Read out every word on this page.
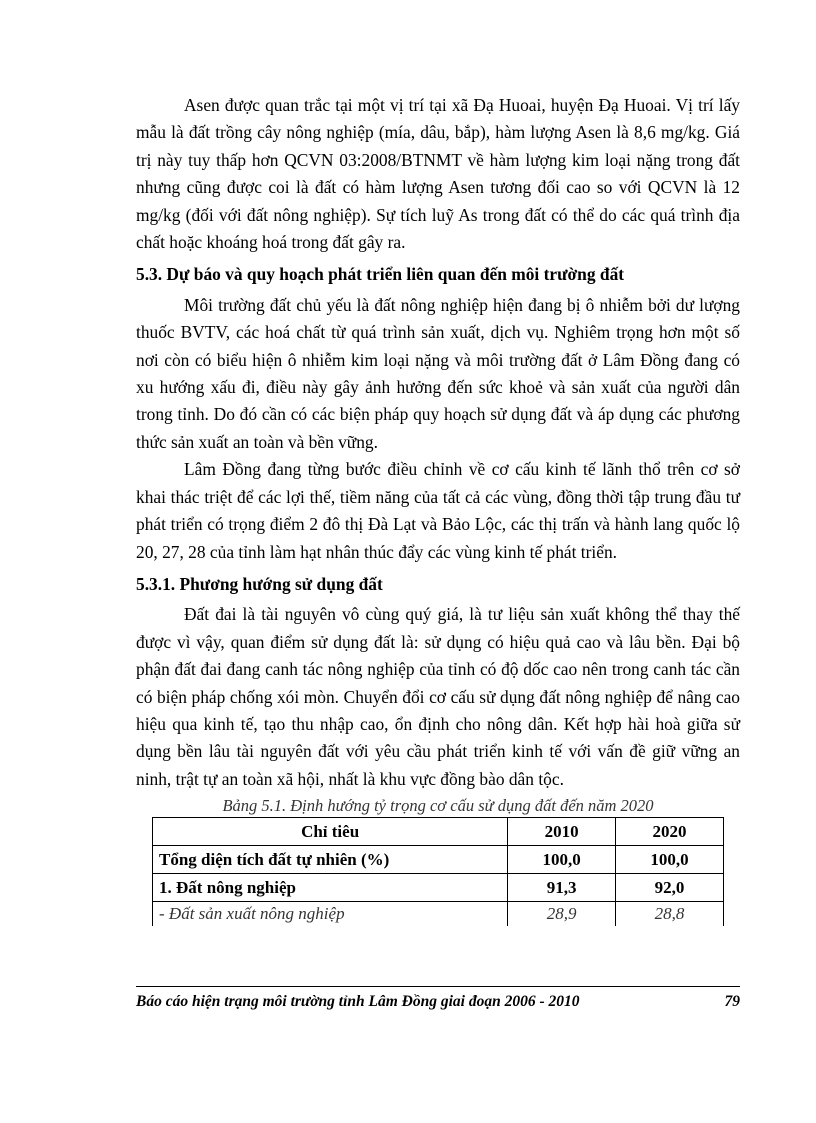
Asen được quan trắc tại một vị trí tại xã Đạ Huoai, huyện Đạ Huoai. Vị trí lấy mẫu là đất trồng cây nông nghiệp (mía, dâu, bắp), hàm lượng Asen là 8,6 mg/kg. Giá trị này tuy thấp hơn QCVN 03:2008/BTNMT về hàm lượng kim loại nặng trong đất nhưng cũng được coi là đất có hàm lượng Asen tương đối cao so với QCVN là 12 mg/kg (đối với đất nông nghiệp). Sự tích luỹ As trong đất có thể do các quá trình địa chất hoặc khoáng hoá trong đất gây ra.

5.3. Dự báo và quy hoạch phát triển liên quan đến môi trường đất

Môi trường đất chủ yếu là đất nông nghiệp hiện đang bị ô nhiễm bởi dư lượng thuốc BVTV, các hoá chất từ quá trình sản xuất, dịch vụ. Nghiêm trọng hơn một số nơi còn có biểu hiện ô nhiễm kim loại nặng và môi trường đất ở Lâm Đồng đang có xu hướng xấu đi, điều này gây ảnh hưởng đến sức khoẻ và sản xuất của người dân trong tỉnh. Do đó cần có các biện pháp quy hoạch sử dụng đất và áp dụng các phương thức sản xuất an toàn và bền vững.

Lâm Đồng đang từng bước điều chỉnh về cơ cấu kinh tế lãnh thổ trên cơ sở khai thác triệt để các lợi thế, tiềm năng của tất cả các vùng, đồng thời tập trung đầu tư phát triển có trọng điểm 2 đô thị Đà Lạt và Bảo Lộc, các thị trấn và hành lang quốc lộ 20, 27, 28 của tỉnh làm hạt nhân thúc đẩy các vùng kinh tế phát triển.

5.3.1. Phương hướng sử dụng đất

Đất đai là tài nguyên vô cùng quý giá, là tư liệu sản xuất không thể thay thế được vì vậy, quan điểm sử dụng đất là: sử dụng có hiệu quả cao và lâu bền. Đại bộ phận đất đai đang canh tác nông nghiệp của tỉnh có độ dốc cao nên trong canh tác cần có biện pháp chống xói mòn. Chuyển đổi cơ cấu sử dụng đất nông nghiệp để nâng cao hiệu qua kinh tế, tạo thu nhập cao, ổn định cho nông dân. Kết hợp hài hoà giữa sử dụng bền lâu tài nguyên đất với yêu cầu phát triển kinh tế với vấn đề giữ vững an ninh, trật tự an toàn xã hội, nhất là khu vực đồng bào dân tộc.

Bảng 5.1. Định hướng tỷ trọng cơ cấu sử dụng đất đến năm 2020
Chỉ tiêu	2010	2020
Tổng diện tích đất tự nhiên (%)	100,0	100,0
1. Đất nông nghiệp	91,3	92,0
- Đất sản xuất nông nghiệp	28,9	28,8
Báo cáo hiện trạng môi trường tỉnh Lâm Đồng giai đoạn 2006 - 2010	79
